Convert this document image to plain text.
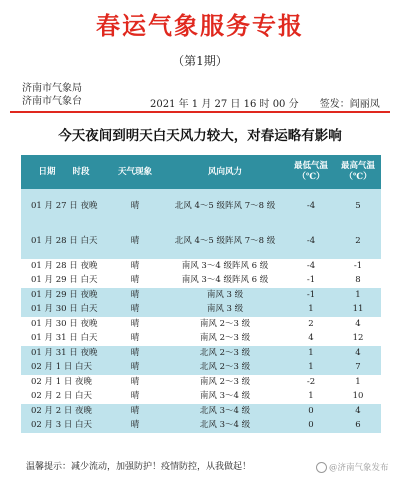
春运气象服务专报
（第1期）
济南市气象局
济南市气象台	2021 年 1 月 27 日 16 时 00 分 签发：阎丽凤
今天夜间到明天白天风力较大，对春运略有影响
日期　　时段	天气现象	风向风力	最低气温（℃）	最高气温（℃）
01 月 27 日 夜晚	晴	北风 4～5 级阵风 7～8 级	-4	5
01 月 28 日 白天	晴	北风 4～5 级阵风 7～8 级	-4	2
01 月 28 日 夜晚	晴	南风 3～4 级阵风 6 级	-4	-1
01 月 29 日 白天	晴	南风 3～4 级阵风 6 级	-1	8
01 月 29 日 夜晚	晴	南风 3 级	-1	1
01 月 30 日 白天	晴	南风 3 级	1	11
01 月 30 日 夜晚	晴	南风 2～3 级	2	4
01 月 31 日 白天	晴	南风 2～3 级	4	12
01 月 31 日 夜晚	晴	北风 2～3 级	1	4
02 月 1 日 白天	晴	北风 2～3 级	1	7
02 月 1 日 夜晚	晴	南风 2～3 级	-2	1
02 月 2 日 白天	晴	南风 3～4 级	1	10
02 月 2 日 夜晚	晴	北风 3～4 级	0	4
02 月 3 日 白天	晴	北风 3～4 级	0	6
温馨提示：减少流动，加强防护！疫情防控，从我做起！	@济南气象发布
